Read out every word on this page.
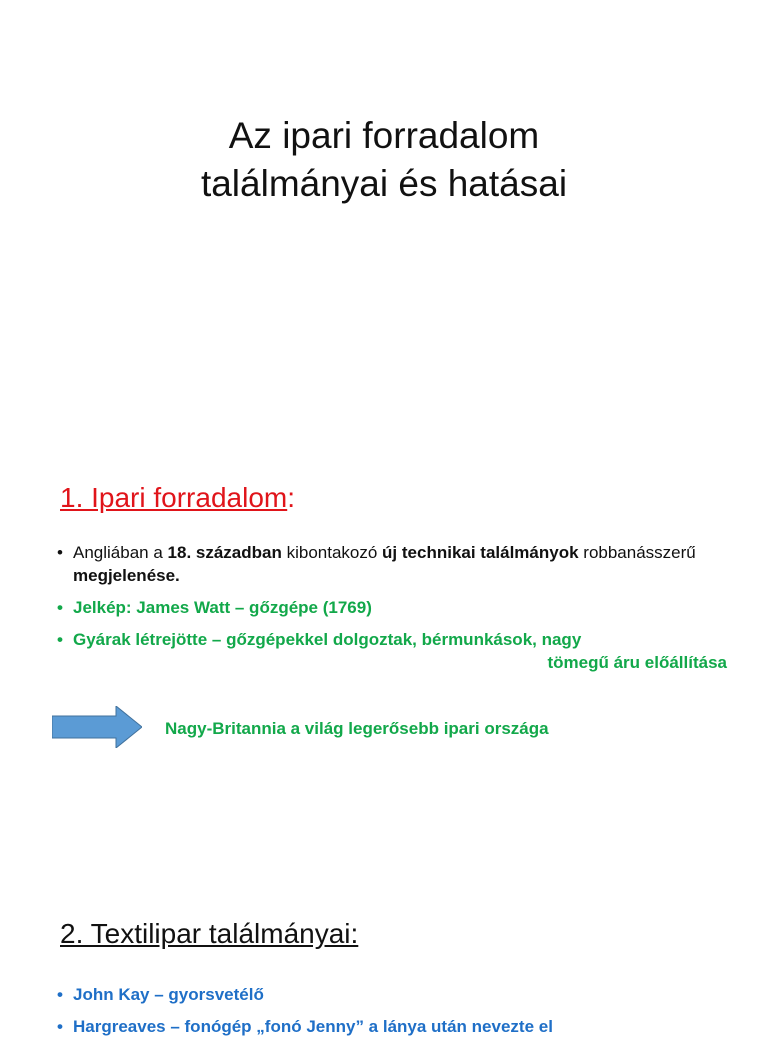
Az ipari forradalom
találmányai és hatásai
1. Ipari forradalom:
• Angliában a 18. században kibontakozó új technikai találmányok robbanásszerű megjelenése.
• Jelkép: James Watt – gőzgépe (1769)
• Gyárak létrejötte – gőzgépekkel dolgoztak, bérmunkások, nagy
tömegű áru előállítása
Nagy-Britannia a világ legerősebb ipari országa
2. Textilipar találmányai:
• John Kay – gyorsvetélő
• Hargreaves – fonógép „fonó Jenny” a lánya után nevezte el
